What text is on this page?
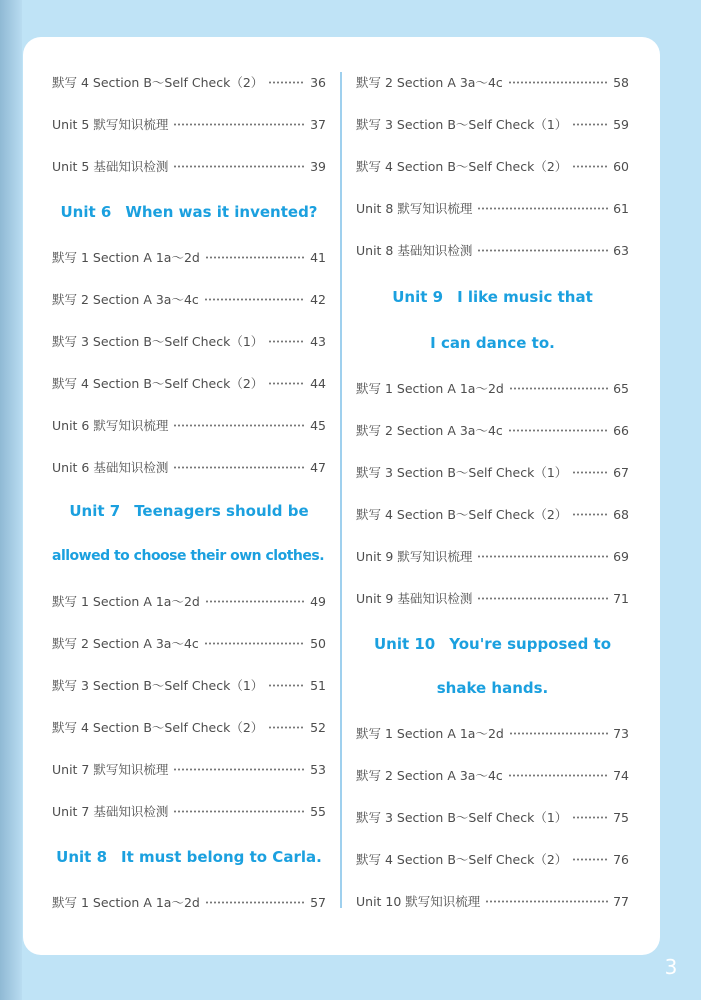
默写 4 Section B～Self Check（2）	36
Unit 5 默写知识梳理	37
Unit 5 基础知识检测	39
Unit 6 When was it invented?
默写 1 Section A 1a～2d	41
默写 2 Section A 3a～4c	42
默写 3 Section B～Self Check（1）	43
默写 4 Section B～Self Check（2）	44
Unit 6 默写知识梳理	45
Unit 6 基础知识检测	47
Unit 7 Teenagers should be
allowed to choose their own clothes.
默写 1 Section A 1a～2d	49
默写 2 Section A 3a～4c	50
默写 3 Section B～Self Check（1）	51
默写 4 Section B～Self Check（2）	52
Unit 7 默写知识梳理	53
Unit 7 基础知识检测	55
Unit 8 It must belong to Carla.
默写 1 Section A 1a～2d	57
默写 2 Section A 3a～4c	58
默写 3 Section B～Self Check（1）	59
默写 4 Section B～Self Check（2）	60
Unit 8 默写知识梳理	61
Unit 8 基础知识检测	63
Unit 9 I like music that
I can dance to.
默写 1 Section A 1a～2d	65
默写 2 Section A 3a～4c	66
默写 3 Section B～Self Check（1）	67
默写 4 Section B～Self Check（2）	68
Unit 9 默写知识梳理	69
Unit 9 基础知识检测	71
Unit 10 You're supposed to
shake hands.
默写 1 Section A 1a～2d	73
默写 2 Section A 3a～4c	74
默写 3 Section B～Self Check（1）	75
默写 4 Section B～Self Check（2）	76
Unit 10 默写知识梳理	77
3
